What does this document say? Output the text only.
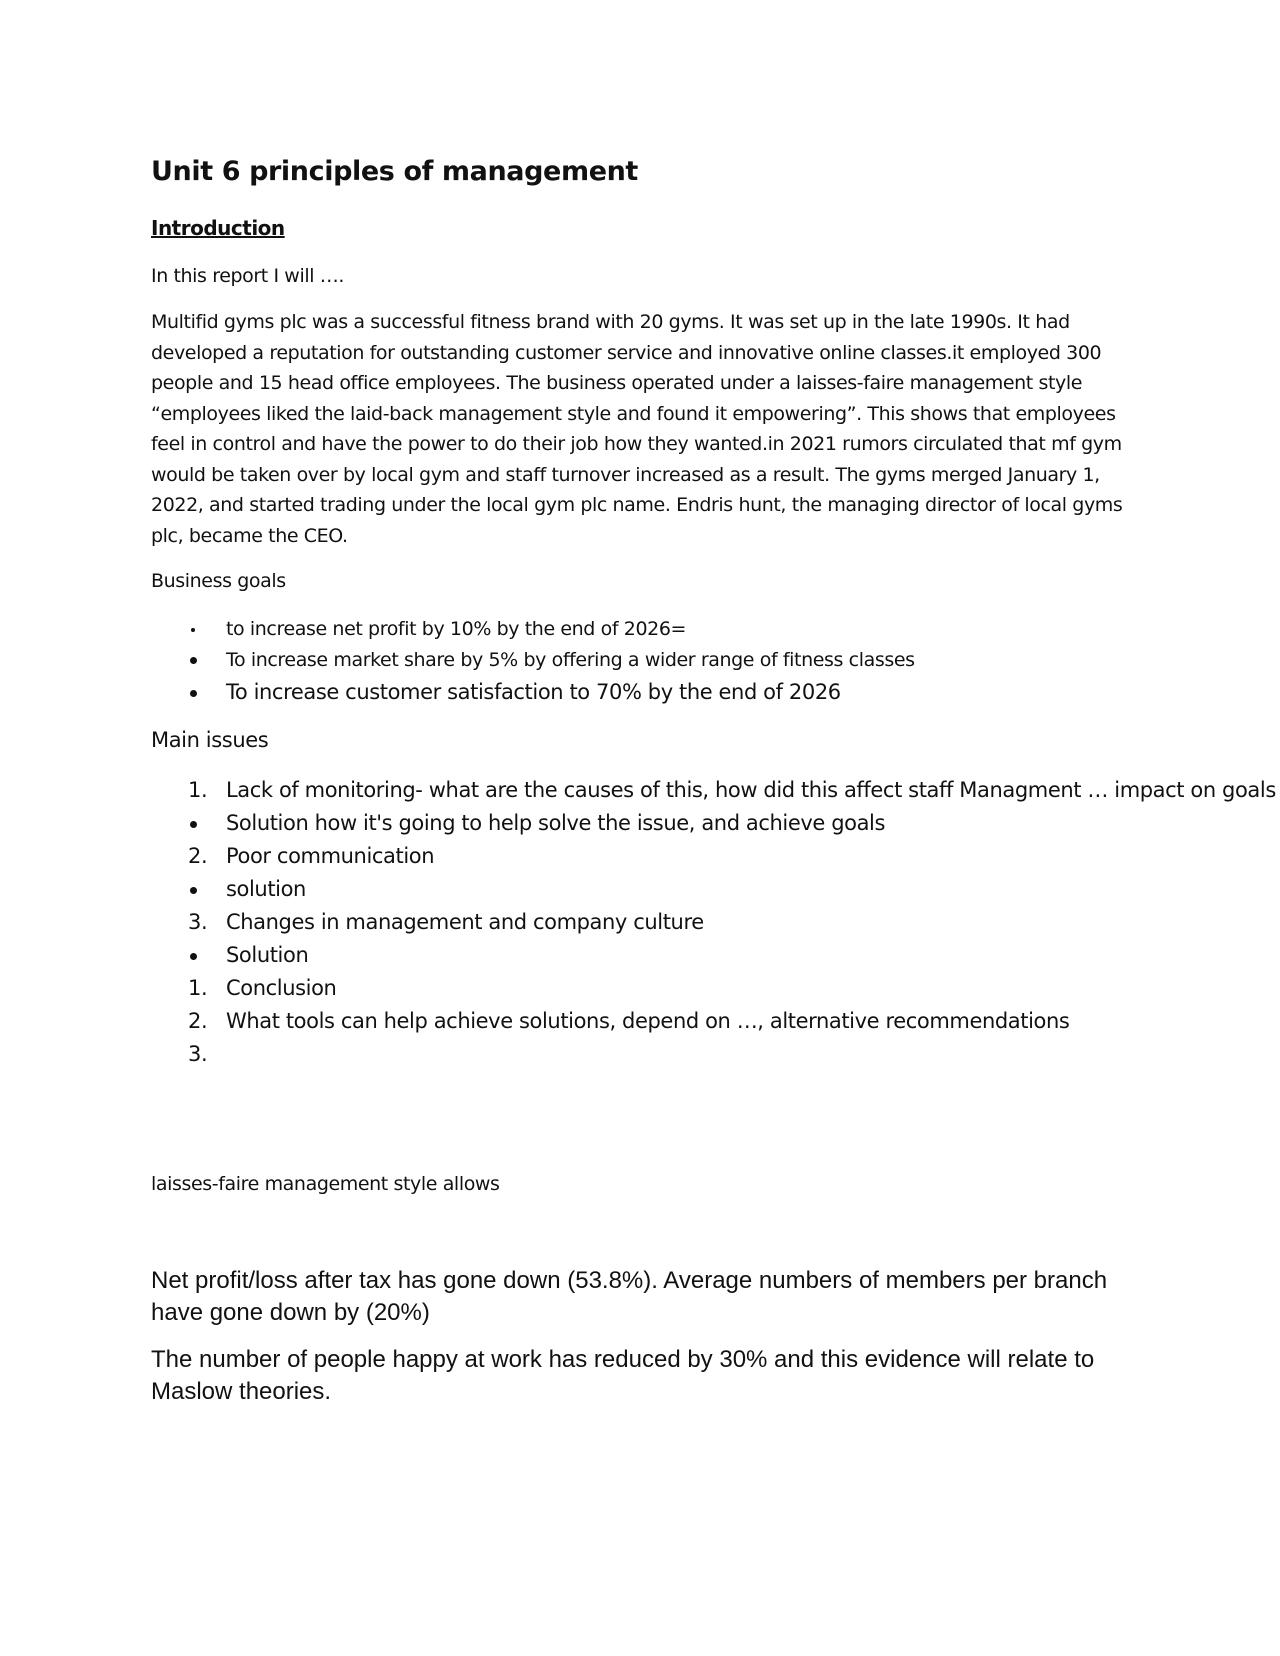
Unit 6 principles of management
Introduction

In this report I will ….

Multifid gyms plc was a successful fitness brand with 20 gyms. It was set up in the late 1990s. It had developed a reputation for outstanding customer service and innovative online classes.it employed 300 people and 15 head office employees. The business operated under a laisses-faire management style “employees liked the laid-back management style and found it empowering”. This shows that employees feel in control and have the power to do their job how they wanted.in 2021 rumors circulated that mf gym would be taken over by local gym and staff turnover increased as a result. The gyms merged January 1, 2022, and started trading under the local gym plc name. Endris hunt, the managing director of local gyms plc, became the CEO.

Business goals

to increase net profit by 10% by the end of 2026=
To increase market share by 5% by offering a wider range of fitness classes
To increase customer satisfaction to 70% by the end of 2026

Main issues

1. Lack of monitoring- what are the causes of this, how did this affect staff Managment … impact on goals
Solution how it's going to help solve the issue, and achieve goals
2. Poor communication
solution
3. Changes in management and company culture
Solution
1. Conclusion
2. What tools can help achieve solutions, depend on …, alternative recommendations
3.

laisses-faire management style allows

Net profit/loss after tax has gone down (53.8%). Average numbers of members per branch have gone down by (20%)

The number of people happy at work has reduced by 30% and this evidence will relate to Maslow theories.
